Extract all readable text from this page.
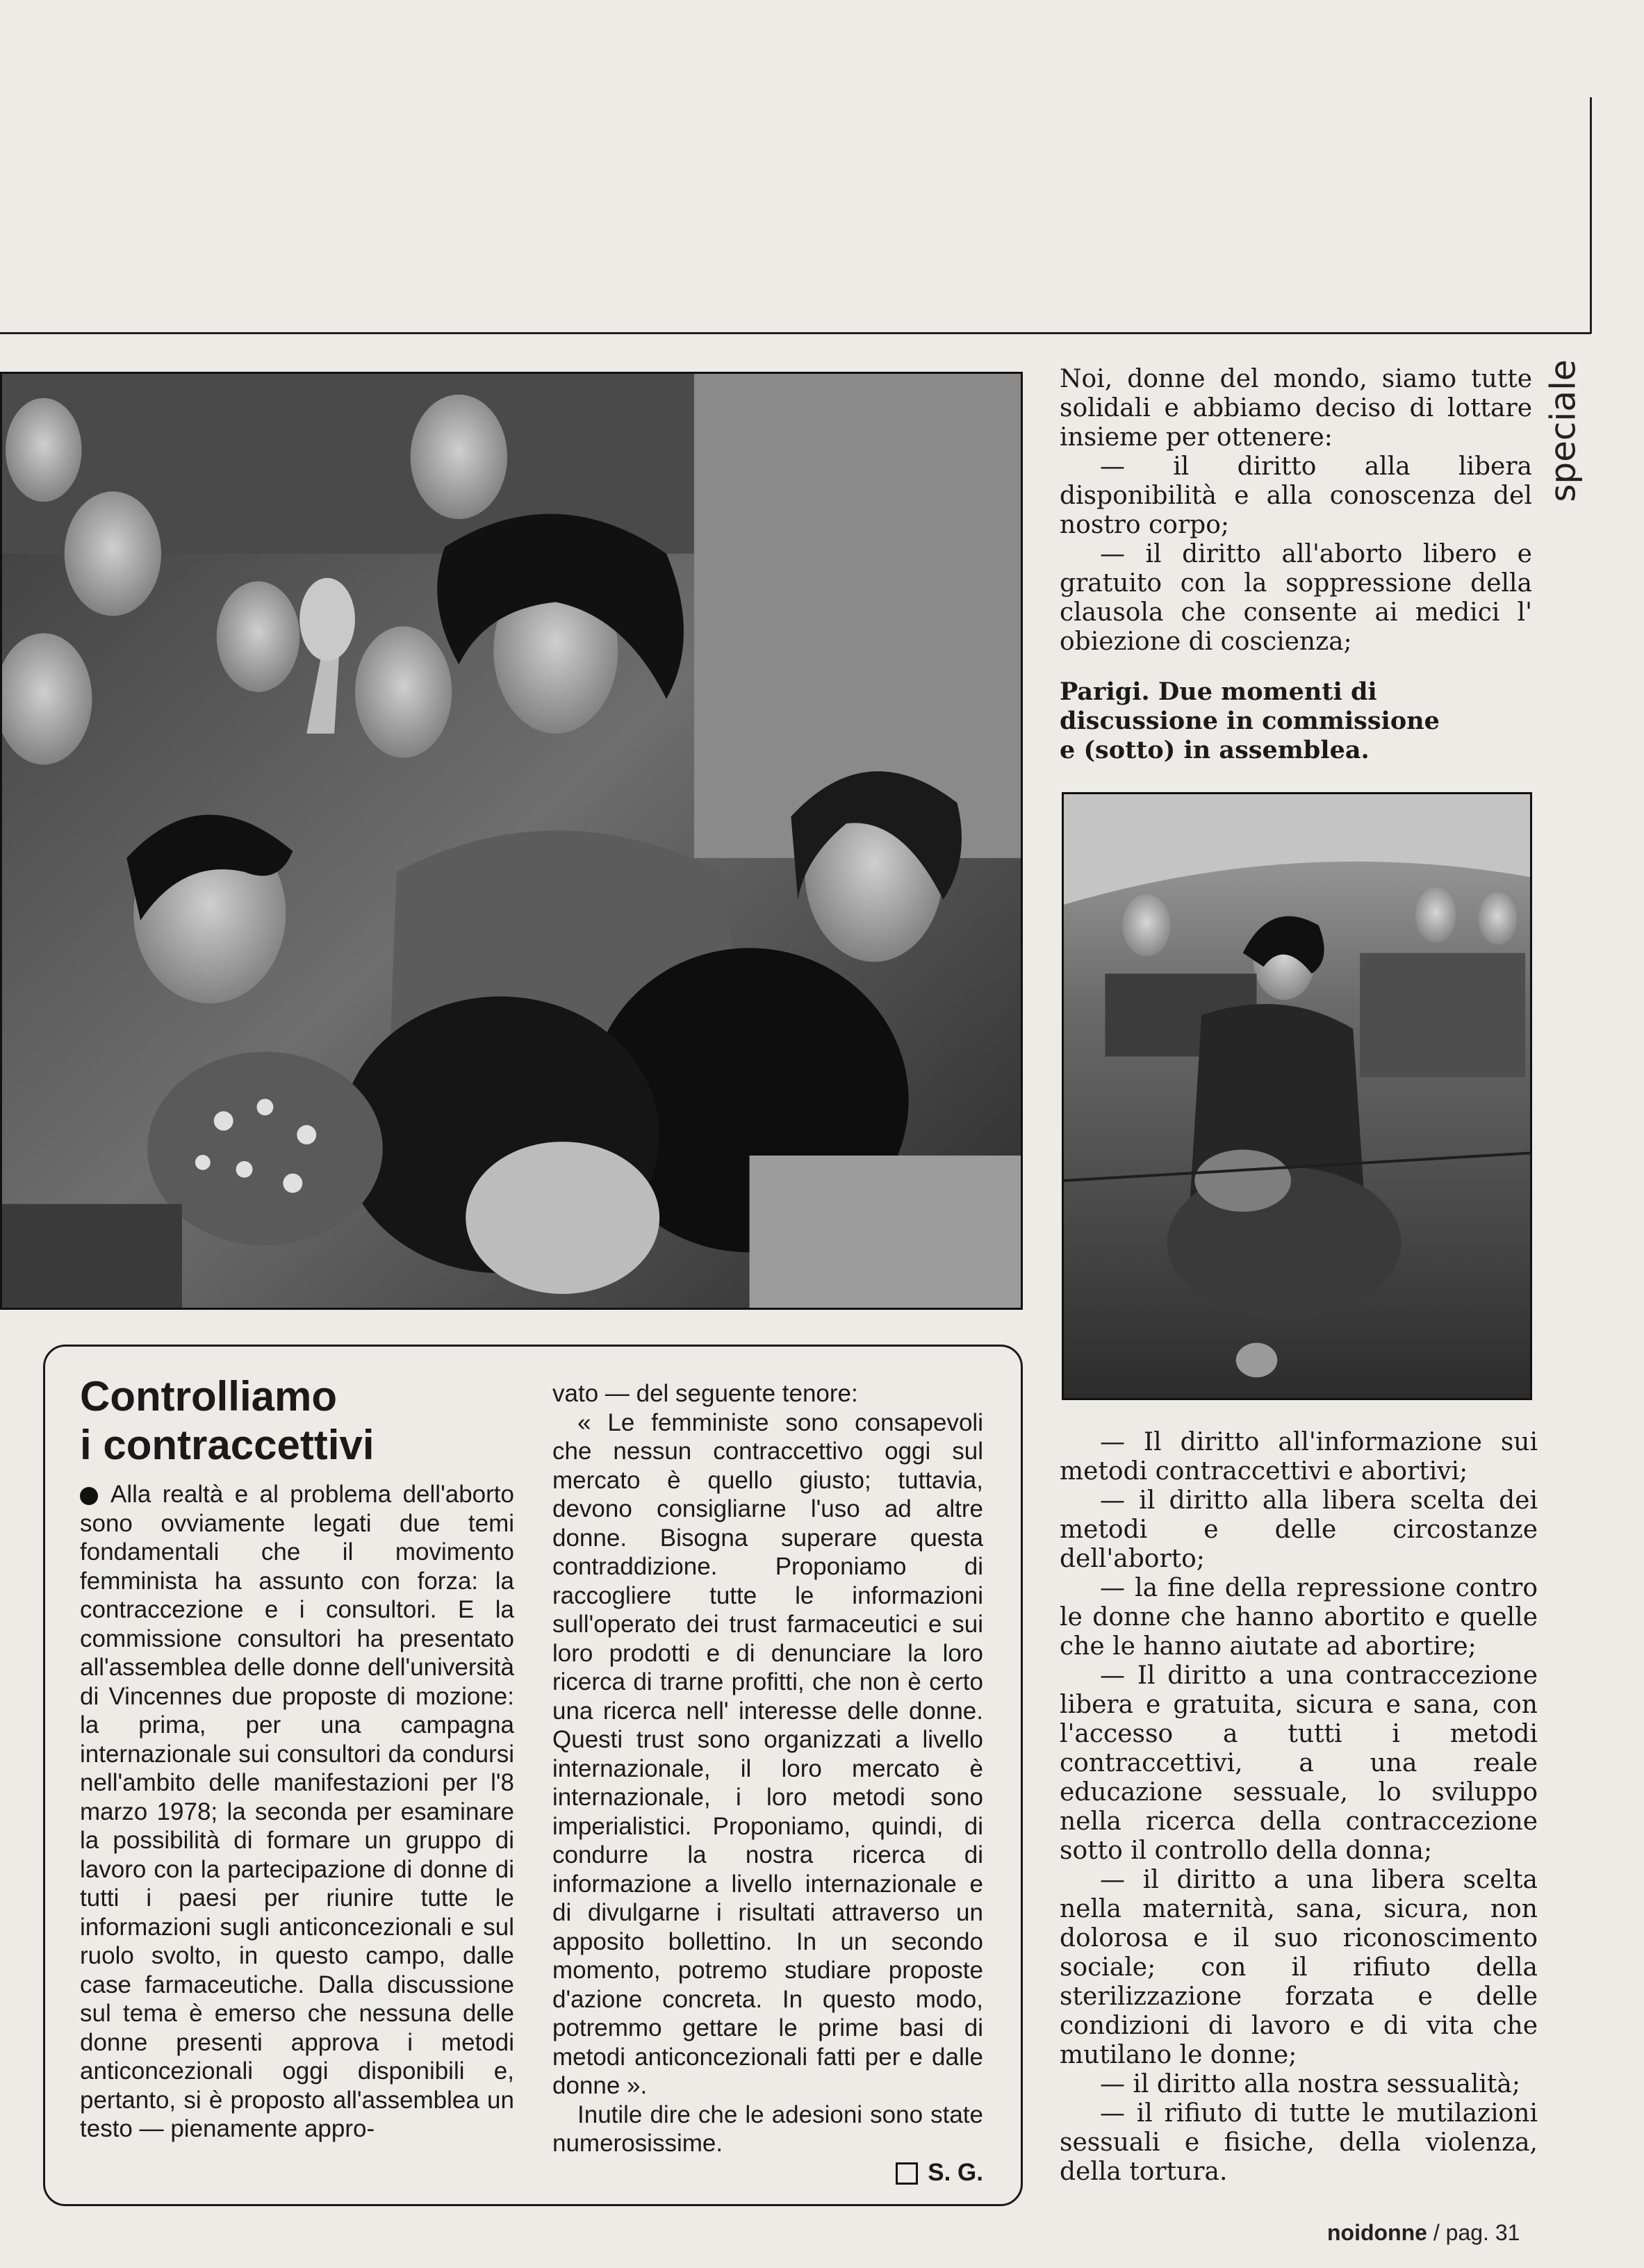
speciale

Noi, donne del mondo, siamo tutte solidali e abbiamo deciso di lottare insieme per ottenere:

— il diritto alla libera disponibilità e alla conoscenza del nostro corpo;

— il diritto all'aborto libero e gratuito con la soppressione della clausola che consente ai medici l' obiezione di coscienza;

Parigi. Due momenti di discussione in commissione e (sotto) in assemblea.

— Il diritto all'informazione sui metodi contraccettivi e abortivi;

— il diritto alla libera scelta dei metodi e delle circostanze dell'aborto;

— la fine della repressione contro le donne che hanno abortito e quelle che le hanno aiutate ad abortire;

— Il diritto a una contraccezione libera e gratuita, sicura e sana, con l'accesso a tutti i metodi contraccettivi, a una reale educazione sessuale, lo sviluppo nella ricerca della contraccezione sotto il controllo della donna;

— il diritto a una libera scelta nella maternità, sana, sicura, non dolorosa e il suo riconoscimento sociale; con il rifiuto della sterilizzazione forzata e delle condizioni di lavoro e di vita che mutilano le donne;

— il diritto alla nostra sessualità;

— il rifiuto di tutte le mutilazioni sessuali e fisiche, della violenza, della tortura.

Controlliamo
i contraccettivi

Alla realtà e al problema dell'aborto sono ovviamente legati due temi fondamentali che il movimento femminista ha assunto con forza: la contraccezione e i consultori. E la commissione consultori ha presentato all'assemblea delle donne dell'università di Vincennes due proposte di mozione: la prima, per una campagna internazionale sui consultori da condursi nell'ambito delle manifestazioni per l'8 marzo 1978; la seconda per esaminare la possibilità di formare un gruppo di lavoro con la partecipazione di donne di tutti i paesi per riunire tutte le informazioni sugli anticoncezionali e sul ruolo svolto, in questo campo, dalle case farmaceutiche. Dalla discussione sul tema è emerso che nessuna delle donne presenti approva i metodi anticoncezionali oggi disponibili e, pertanto, si è proposto all'assemblea un testo — pienamente appro-

vato — del seguente tenore:

« Le femministe sono consapevoli che nessun contraccettivo oggi sul mercato è quello giusto; tuttavia, devono consigliarne l'uso ad altre donne. Bisogna superare questa contraddizione. Proponiamo di raccogliere tutte le informazioni sull'operato dei trust farmaceutici e sui loro prodotti e di denunciare la loro ricerca di trarne profitti, che non è certo una ricerca nell' interesse delle donne. Questi trust sono organizzati a livello internazionale, il loro mercato è internazionale, i loro metodi sono imperialistici. Proponiamo, quindi, di condurre la nostra ricerca di informazione a livello internazionale e di divulgarne i risultati attraverso un apposito bollettino. In un secondo momento, potremo studiare proposte d'azione concreta. In questo modo, potremmo gettare le prime basi di metodi anticoncezionali fatti per e dalle donne ».

Inutile dire che le adesioni sono state numerosissime.

S. G.

noidonne / pag. 31
